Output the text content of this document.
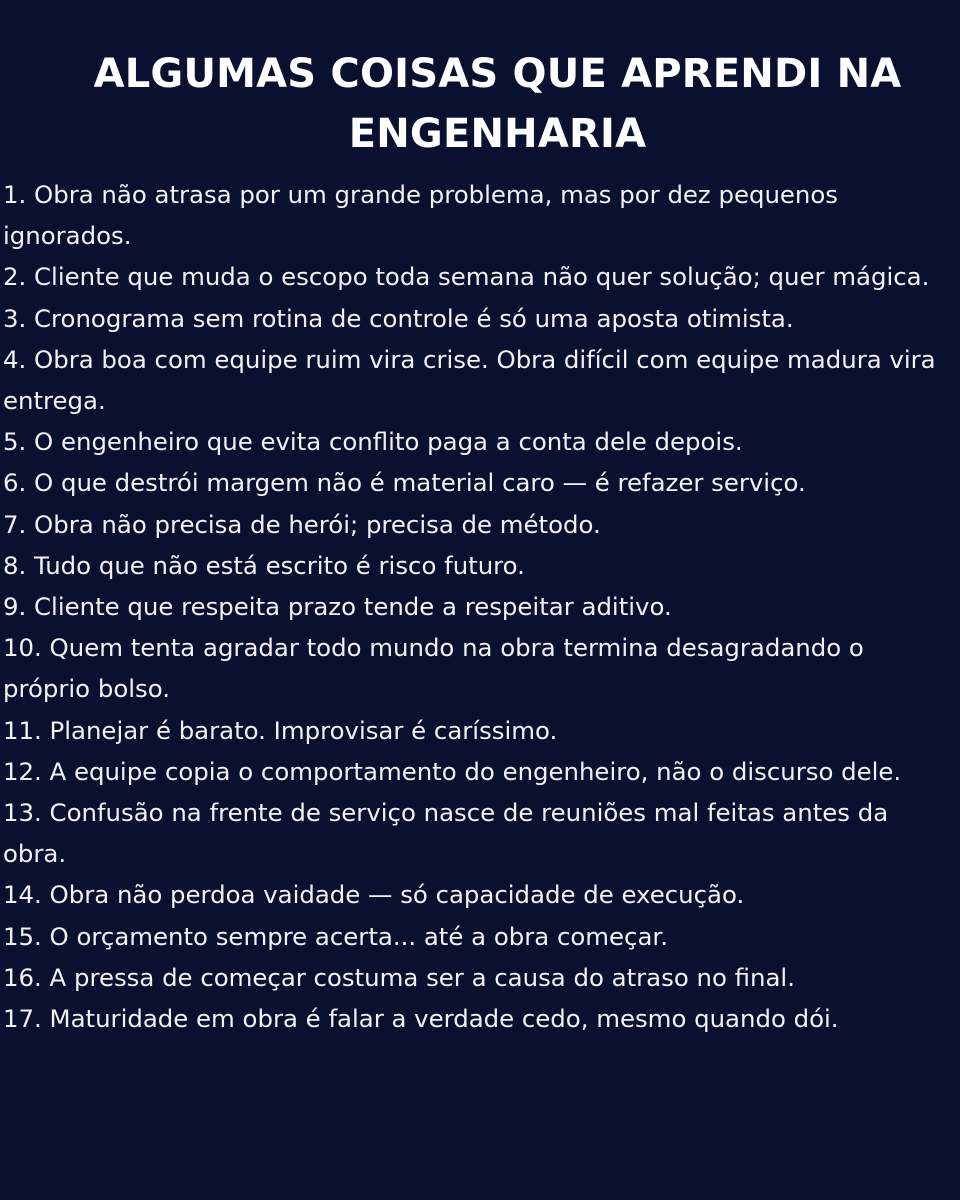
ALGUMAS COISAS QUE APRENDI NA ENGENHARIA
1. Obra não atrasa por um grande problema, mas por dez pequenos ignorados.
2. Cliente que muda o escopo toda semana não quer solução; quer mágica.
3. Cronograma sem rotina de controle é só uma aposta otimista.
4. Obra boa com equipe ruim vira crise. Obra difícil com equipe madura vira entrega.
5. O engenheiro que evita conflito paga a conta dele depois.
6. O que destrói margem não é material caro — é refazer serviço.
7. Obra não precisa de herói; precisa de método.
8. Tudo que não está escrito é risco futuro.
9. Cliente que respeita prazo tende a respeitar aditivo.
10. Quem tenta agradar todo mundo na obra termina desagradando o próprio bolso.
11. Planejar é barato. Improvisar é caríssimo.
12. A equipe copia o comportamento do engenheiro, não o discurso dele.
13. Confusão na frente de serviço nasce de reuniões mal feitas antes da obra.
14. Obra não perdoa vaidade — só capacidade de execução.
15. O orçamento sempre acerta... até a obra começar.
16. A pressa de começar costuma ser a causa do atraso no final.
17. Maturidade em obra é falar a verdade cedo, mesmo quando dói.
